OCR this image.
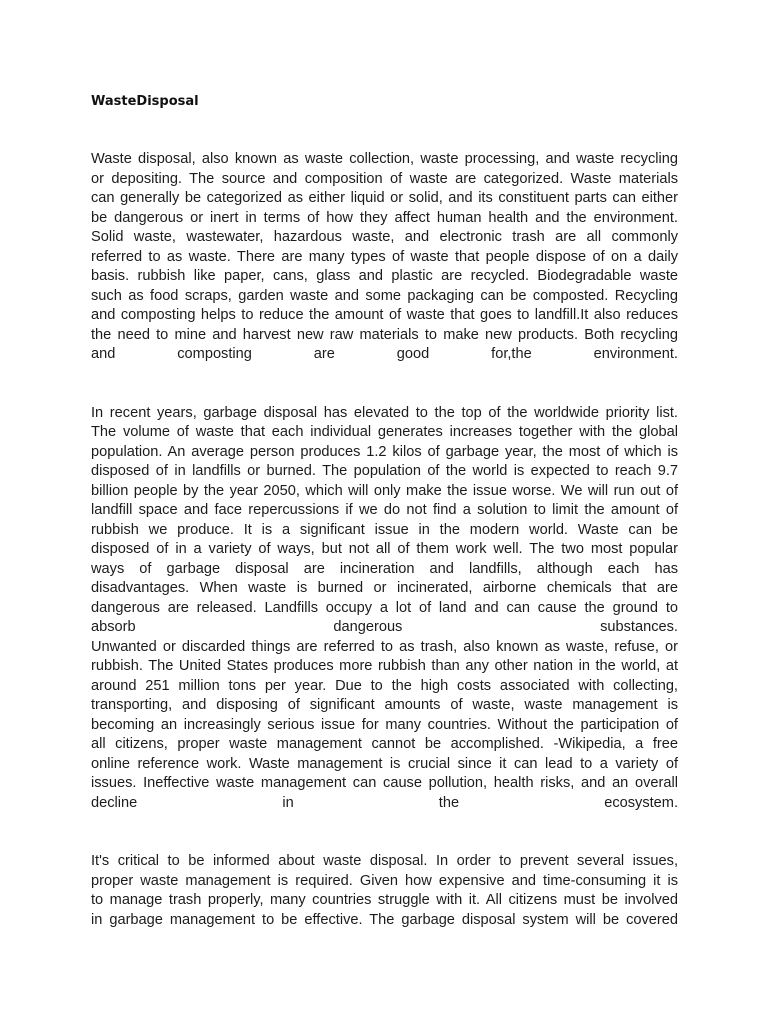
WasteDisposal

Waste disposal, also known as waste collection, waste processing, and waste recycling
or depositing. The source and composition of waste are categorized. Waste materials
can generally be categorized as either liquid or solid, and its constituent parts can either
be dangerous or inert in terms of how they affect human health and the environment.
Solid waste, wastewater, hazardous waste, and electronic trash are all commonly
referred to as waste. There are many types of waste that people dispose of on a daily
basis. rubbish like paper, cans, glass and plastic are recycled. Biodegradable waste
such as food scraps, garden waste and some packaging can be composted. Recycling
and composting helps to reduce the amount of waste that goes to landfill.It also reduces
the need to mine and harvest new raw materials to make new products. Both recycling
and composting are good for,the environment.

In recent years, garbage disposal has elevated to the top of the worldwide priority list.
The volume of waste that each individual generates increases together with the global
population. An average person produces 1.2 kilos of garbage year, the most of which is
disposed of in landfills or burned. The population of the world is expected to reach 9.7
billion people by the year 2050, which will only make the issue worse. We will run out of
landfill space and face repercussions if we do not find a solution to limit the amount of
rubbish we produce. It is a significant issue in the modern world. Waste can be
disposed of in a variety of ways, but not all of them work well. The two most popular
ways of garbage disposal are incineration and landfills, although each has
disadvantages. When waste is burned or incinerated, airborne chemicals that are
dangerous are released. Landfills occupy a lot of land and can cause the ground to
absorb dangerous substances.
Unwanted or discarded things are referred to as trash, also known as waste, refuse, or
rubbish. The United States produces more rubbish than any other nation in the world, at
around 251 million tons per year. Due to the high costs associated with collecting,
transporting, and disposing of significant amounts of waste, waste management is
becoming an increasingly serious issue for many countries. Without the participation of
all citizens, proper waste management cannot be accomplished. -Wikipedia, a free
online reference work. Waste management is crucial since it can lead to a variety of
issues. Ineffective waste management can cause pollution, health risks, and an overall
decline in the ecosystem.

It's critical to be informed about waste disposal. In order to prevent several issues,
proper waste management is required. Given how expensive and time-consuming it is
to manage trash properly, many countries struggle with it. All citizens must be involved
in garbage management to be effective. The garbage disposal system will be covered
